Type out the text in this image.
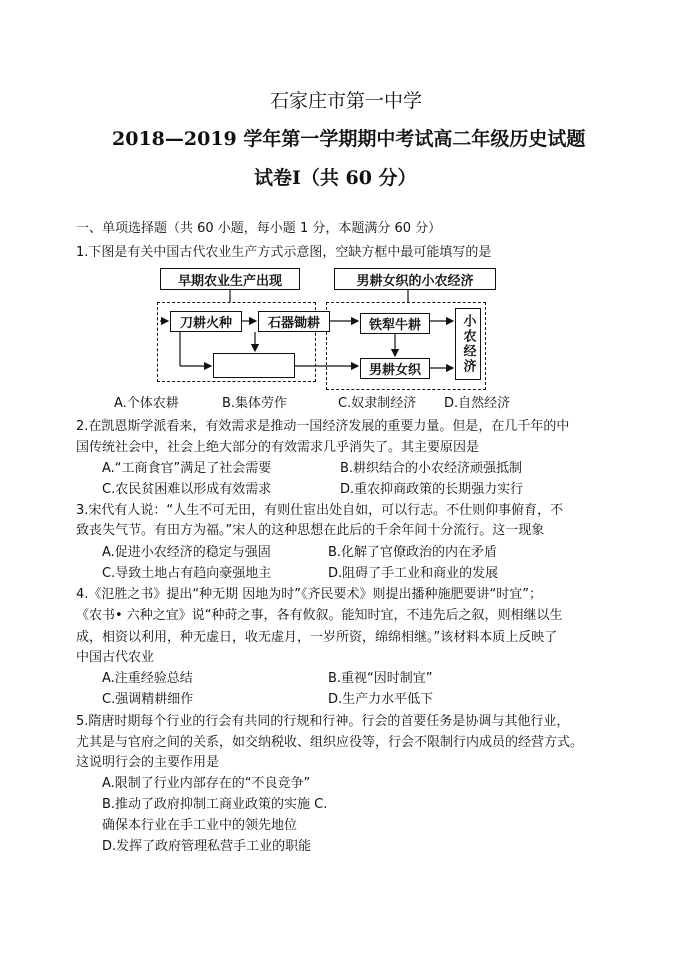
石家庄市第一中学
2018—2019 学年第一学期期中考试高二年级历史试题
试卷Ⅰ（共 60 分）
一、单项选择题（共 60 小题，每小题 1 分，本题满分 60 分）
1.下图是有关中国古代农业生产方式示意图，空缺方框中最可能填写的是
早期农业生产出现	男耕女织的小农经济
刀耕火种	石器锄耕	铁犁牛耕
男耕女织	小农经济
A.个体农耕	B.集体劳作	C.奴隶制经济 D.自然经济
2.在凯恩斯学派看来，有效需求是推动一国经济发展的重要力量。但是，在几千年的中
国传统社会中，社会上绝大部分的有效需求几乎消失了。其主要原因是
A.“工商食官”满足了社会需要	B.耕织结合的小农经济顽强抵制
C.农民贫困难以形成有效需求	D.重农抑商政策的长期强力实行
3.宋代有人说：“人生不可无田，有则仕宦出处自如，可以行志。不仕则仰事俯育，不
致丧失气节。有田方为福。”宋人的这种思想在此后的千余年间十分流行。这一现象
A.促进小农经济的稳定与强固	B.化解了官僚政治的内在矛盾
C.导致土地占有趋向豪强地主	D.阻碍了手工业和商业的发展
4.《氾胜之书》提出“种无期 因地为时”《齐民要术》则提出播种施肥要讲“时宜”；
《农书• 六种之宜》说“种莳之事，各有攸叙。能知时宜，不违先后之叙，则相继以生
成，相资以利用，种无虚日，收无虚月，一岁所资，绵绵相继。”该材料本质上反映了
中国古代农业
A.注重经验总结	B.重视“因时制宜”
C.强调精耕细作	D.生产力水平低下
5.隋唐时期每个行业的行会有共同的行规和行神。行会的首要任务是协调与其他行业，
尤其是与官府之间的关系，如交纳税收、组织应役等，行会不限制行内成员的经营方式。
这说明行会的主要作用是
A.限制了行业内部存在的“不良竞争”
B.推动了政府抑制工商业政策的实施 C.
确保本行业在手工业中的领先地位
D.发挥了政府管理私营手工业的职能
